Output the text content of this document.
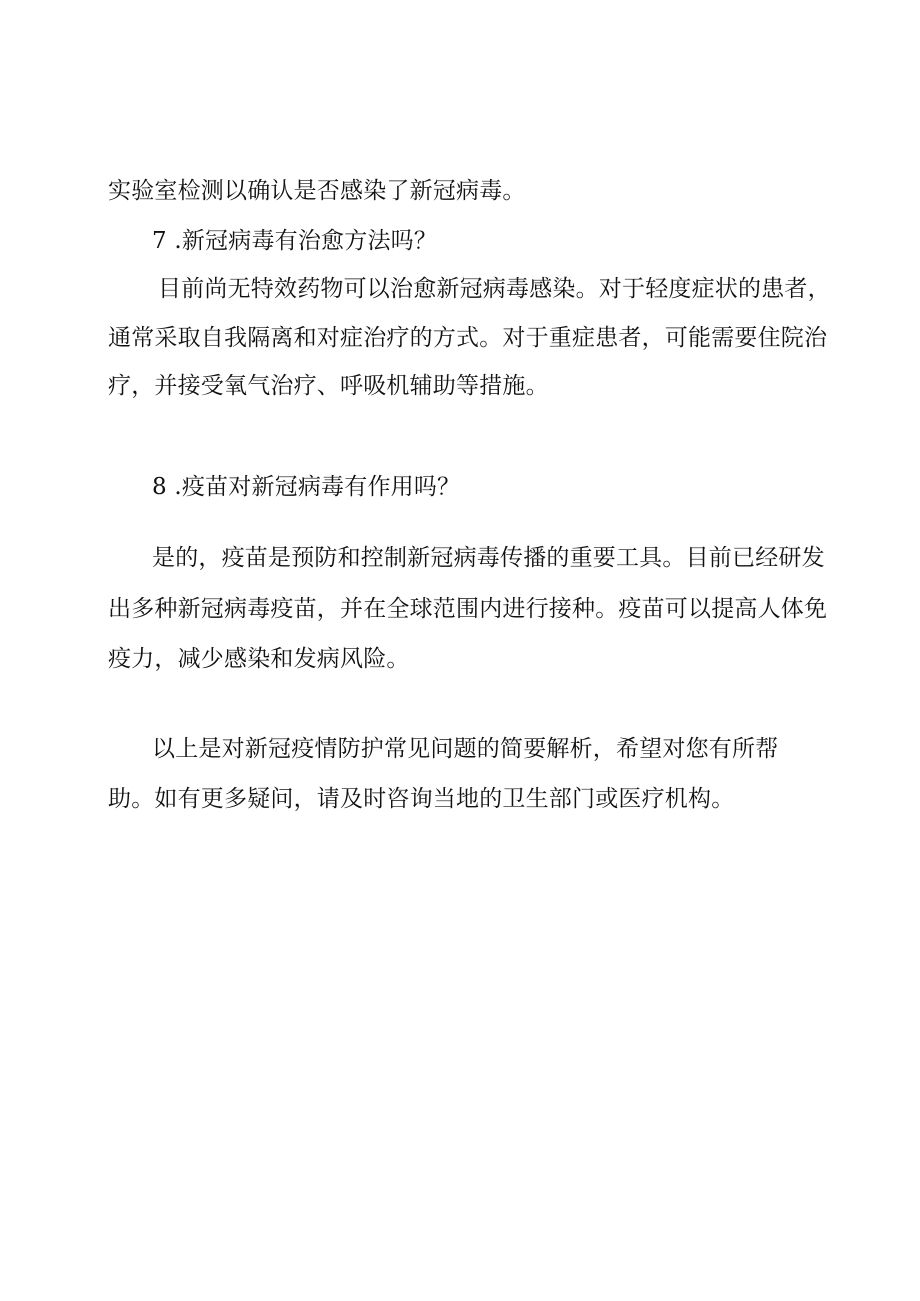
实验室检测以确认是否感染了新冠病毒。
7 .新冠病毒有治愈方法吗？
目前尚无特效药物可以治愈新冠病毒感染。对于轻度症状的患者，
通常采取自我隔离和对症治疗的方式。对于重症患者，可能需要住院治
疗，并接受氧气治疗、呼吸机辅助等措施。
8 .疫苗对新冠病毒有作用吗？
是的，疫苗是预防和控制新冠病毒传播的重要工具。目前已经研发
出多种新冠病毒疫苗，并在全球范围内进行接种。疫苗可以提高人体免
疫力，减少感染和发病风险。
以上是对新冠疫情防护常见问题的简要解析，希望对您有所帮
助。如有更多疑问，请及时咨询当地的卫生部门或医疗机构。
